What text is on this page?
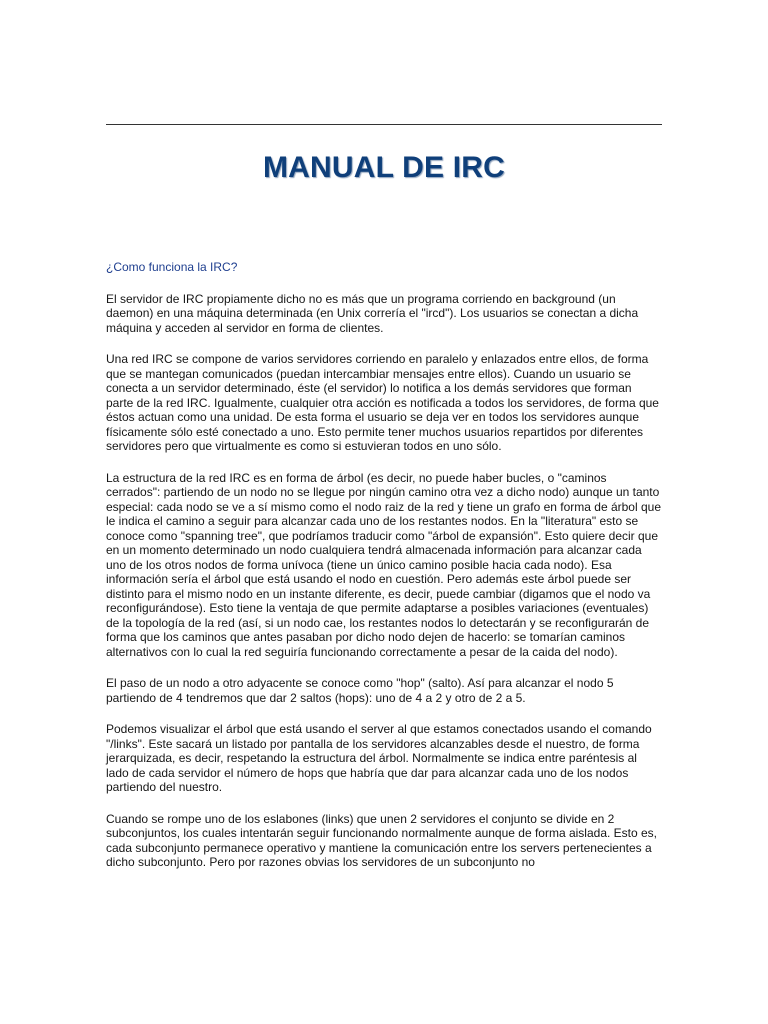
MANUAL DE IRC

¿Como funciona la IRC?

El servidor de IRC propiamente dicho no es más que un programa corriendo en background (un daemon) en una máquina determinada (en Unix correría el "ircd"). Los usuarios se conectan a dicha máquina y acceden al servidor en forma de clientes.

Una red IRC se compone de varios servidores corriendo en paralelo y enlazados entre ellos, de forma que se mantegan comunicados (puedan intercambiar mensajes entre ellos). Cuando un usuario se conecta a un servidor determinado, éste (el servidor) lo notifica a los demás servidores que forman parte de la red IRC. Igualmente, cualquier otra acción es notificada a todos los servidores, de forma que éstos actuan como una unidad. De esta forma el usuario se deja ver en todos los servidores aunque físicamente sólo esté conectado a uno. Esto permite tener muchos usuarios repartidos por diferentes servidores pero que virtualmente es como si estuvieran todos en uno sólo.

La estructura de la red IRC es en forma de árbol (es decir, no puede haber bucles, o "caminos cerrados": partiendo de un nodo no se llegue por ningún camino otra vez a dicho nodo) aunque un tanto especial: cada nodo se ve a sí mismo como el nodo raiz de la red y tiene un grafo en forma de árbol que le indica el camino a seguir para alcanzar cada uno de los restantes nodos. En la "literatura" esto se conoce como "spanning tree", que podríamos traducir como "árbol de expansión". Esto quiere decir que en un momento determinado un nodo cualquiera tendrá almacenada información para alcanzar cada uno de los otros nodos de forma unívoca (tiene un único camino posible hacia cada nodo). Esa información sería el árbol que está usando el nodo en cuestión. Pero además este árbol puede ser distinto para el mismo nodo en un instante diferente, es decir, puede cambiar (digamos que el nodo va reconfigurándose). Esto tiene la ventaja de que permite adaptarse a posibles variaciones (eventuales) de la topología de la red (así, si un nodo cae, los restantes nodos lo detectarán y se reconfigurarán de forma que los caminos que antes pasaban por dicho nodo dejen de hacerlo: se tomarían caminos alternativos con lo cual la red seguiría funcionando correctamente a pesar de la caida del nodo).

El paso de un nodo a otro adyacente se conoce como "hop" (salto). Así para alcanzar el nodo 5 partiendo de 4 tendremos que dar 2 saltos (hops): uno de 4 a 2 y otro de 2 a 5.

Podemos visualizar el árbol que está usando el server al que estamos conectados usando el comando "/links". Este sacará un listado por pantalla de los servidores alcanzables desde el nuestro, de forma jerarquizada, es decir, respetando la estructura del árbol. Normalmente se indica entre paréntesis al lado de cada servidor el número de hops que habría que dar para alcanzar cada uno de los nodos partiendo del nuestro.

Cuando se rompe uno de los eslabones (links) que unen 2 servidores el conjunto se divide en 2 subconjuntos, los cuales intentarán seguir funcionando normalmente aunque de forma aislada. Esto es, cada subconjunto permanece operativo y mantiene la comunicación entre los servers pertenecientes a dicho subconjunto. Pero por razones obvias los servidores de un subconjunto no
